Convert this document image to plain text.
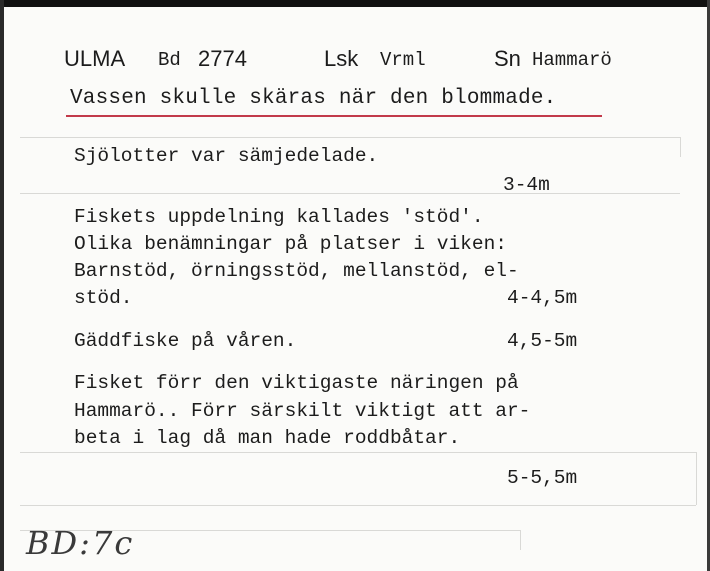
ULMA Bd 2774	Lsk Vrml	Sn Hammarö
Vassen skulle skäras när den blommade.
Sjölotter var sämjedelade.
3-4m
Fiskets uppdelning kallades 'stöd'.
Olika benämningar på platser i viken:
Barnstöd, örningsstöd, mellanstöd, el-
stöd.	4-4,5m
Gäddfiske på våren.	4,5-5m
Fisket förr den viktigaste näringen på
Hammarö.. Förr särskilt viktigt att ar-
beta i lag då man hade roddbåtar.
5-5,5m
BD:7c
